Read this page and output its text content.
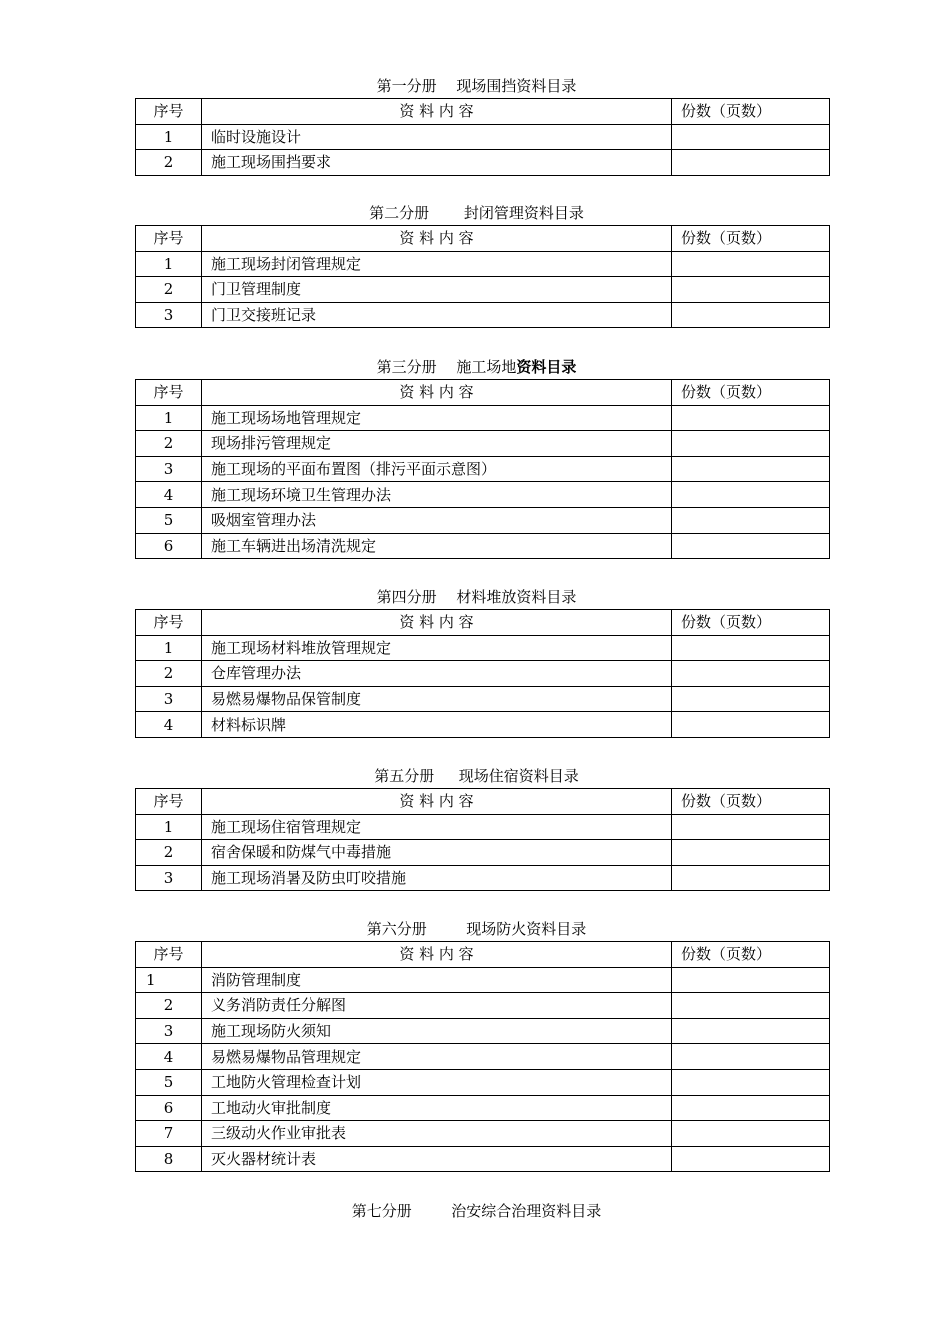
第一分册　 现场围挡资料目录
序号	资 料 内 容	份数（页数）
1	临时设施设计	
2	施工现场围挡要求	
第二分册　　 封闭管理资料目录
序号	资 料 内 容	份数（页数）
1	施工现场封闭管理规定	
2	门卫管理制度	
3	门卫交接班记录	
第三分册　 施工场地资料目录
序号	资 料 内 容	份数（页数）
1	施工现场场地管理规定	
2	现场排污管理规定	
3	施工现场的平面布置图（排污平面示意图）	
4	施工现场环境卫生管理办法	
5	吸烟室管理办法	
6	施工车辆进出场清洗规定	
第四分册　 材料堆放资料目录
序号	资 料 内 容	份数（页数）
1	施工现场材料堆放管理规定	
2	仓库管理办法	
3	易燃易爆物品保管制度	
4	材料标识牌	
第五分册　  现场住宿资料目录
序号	资 料 内 容	份数（页数）
1	施工现场住宿管理规定	
2	宿舍保暖和防煤气中毒措施	
3	施工现场消暑及防虫叮咬措施	
第六分册　　  现场防火资料目录
序号	资 料 内 容	份数（页数）
1	消防管理制度	
2	义务消防责任分解图	
3	施工现场防火须知	
4	易燃易爆物品管理规定	
5	工地防火管理检查计划	
6	工地动火审批制度	
7	三级动火作业审批表	
8	灭火器材统计表	
第七分册　　  治安综合治理资料目录
